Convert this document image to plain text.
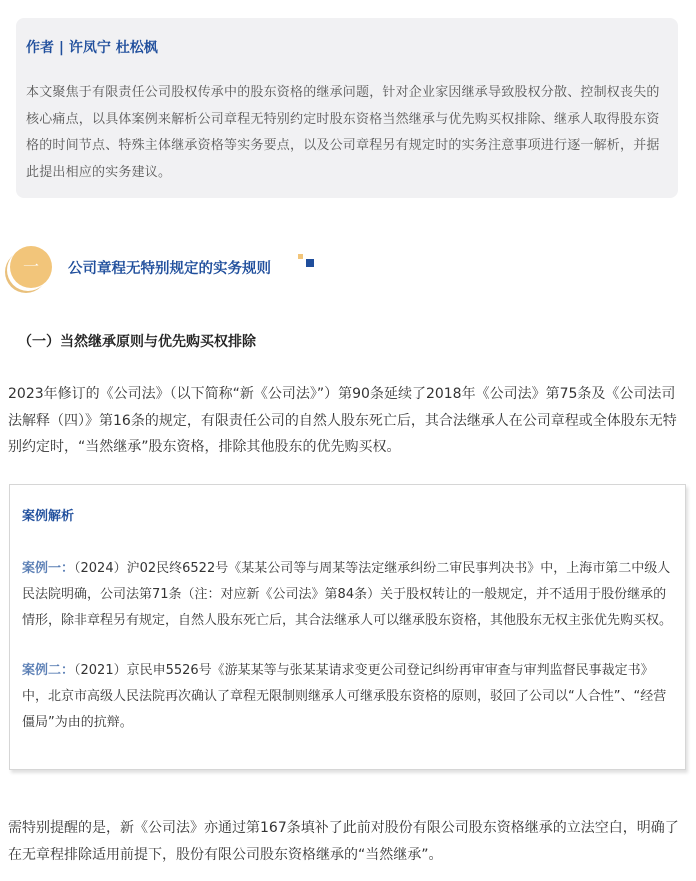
作者 | 许凤宁 杜松枫

本文聚焦于有限责任公司股权传承中的股东资格的继承问题，针对企业家因继承导致股权分散、控制权丧失的核心痛点，以具体案例来解析公司章程无特别约定时股东资格当然继承与优先购买权排除、继承人取得股东资格的时间节点、特殊主体继承资格等实务要点，以及公司章程另有规定时的实务注意事项进行逐一解析，并据此提出相应的实务建议。

一	公司章程无特别规定的实务规则

（一）当然继承原则与优先购买权排除

2023年修订的《公司法》（以下简称“新《公司法》”）第90条延续了2018年《公司法》第75条及《公司法司法解释（四）》第16条的规定，有限责任公司的自然人股东死亡后，其合法继承人在公司章程或全体股东无特别约定时，“当然继承”股东资格，排除其他股东的优先购买权。

案例解析

案例一：（2024）沪02民终6522号《某某公司等与周某等法定继承纠纷二审民事判决书》中，上海市第二中级人民法院明确，公司法第71条（注：对应新《公司法》第84条）关于股权转让的一般规定，并不适用于股份继承的情形，除非章程另有规定，自然人股东死亡后，其合法继承人可以继承股东资格，其他股东无权主张优先购买权。

案例二：（2021）京民申5526号《游某某等与张某某请求变更公司登记纠纷再审审查与审判监督民事裁定书》中，北京市高级人民法院再次确认了章程无限制则继承人可继承股东资格的原则，驳回了公司以“人合性”、“经营僵局”为由的抗辩。

需特别提醒的是，新《公司法》亦通过第167条填补了此前对股份有限公司股东资格继承的立法空白，明确了在无章程排除适用前提下，股份有限公司股东资格继承的“当然继承”。
